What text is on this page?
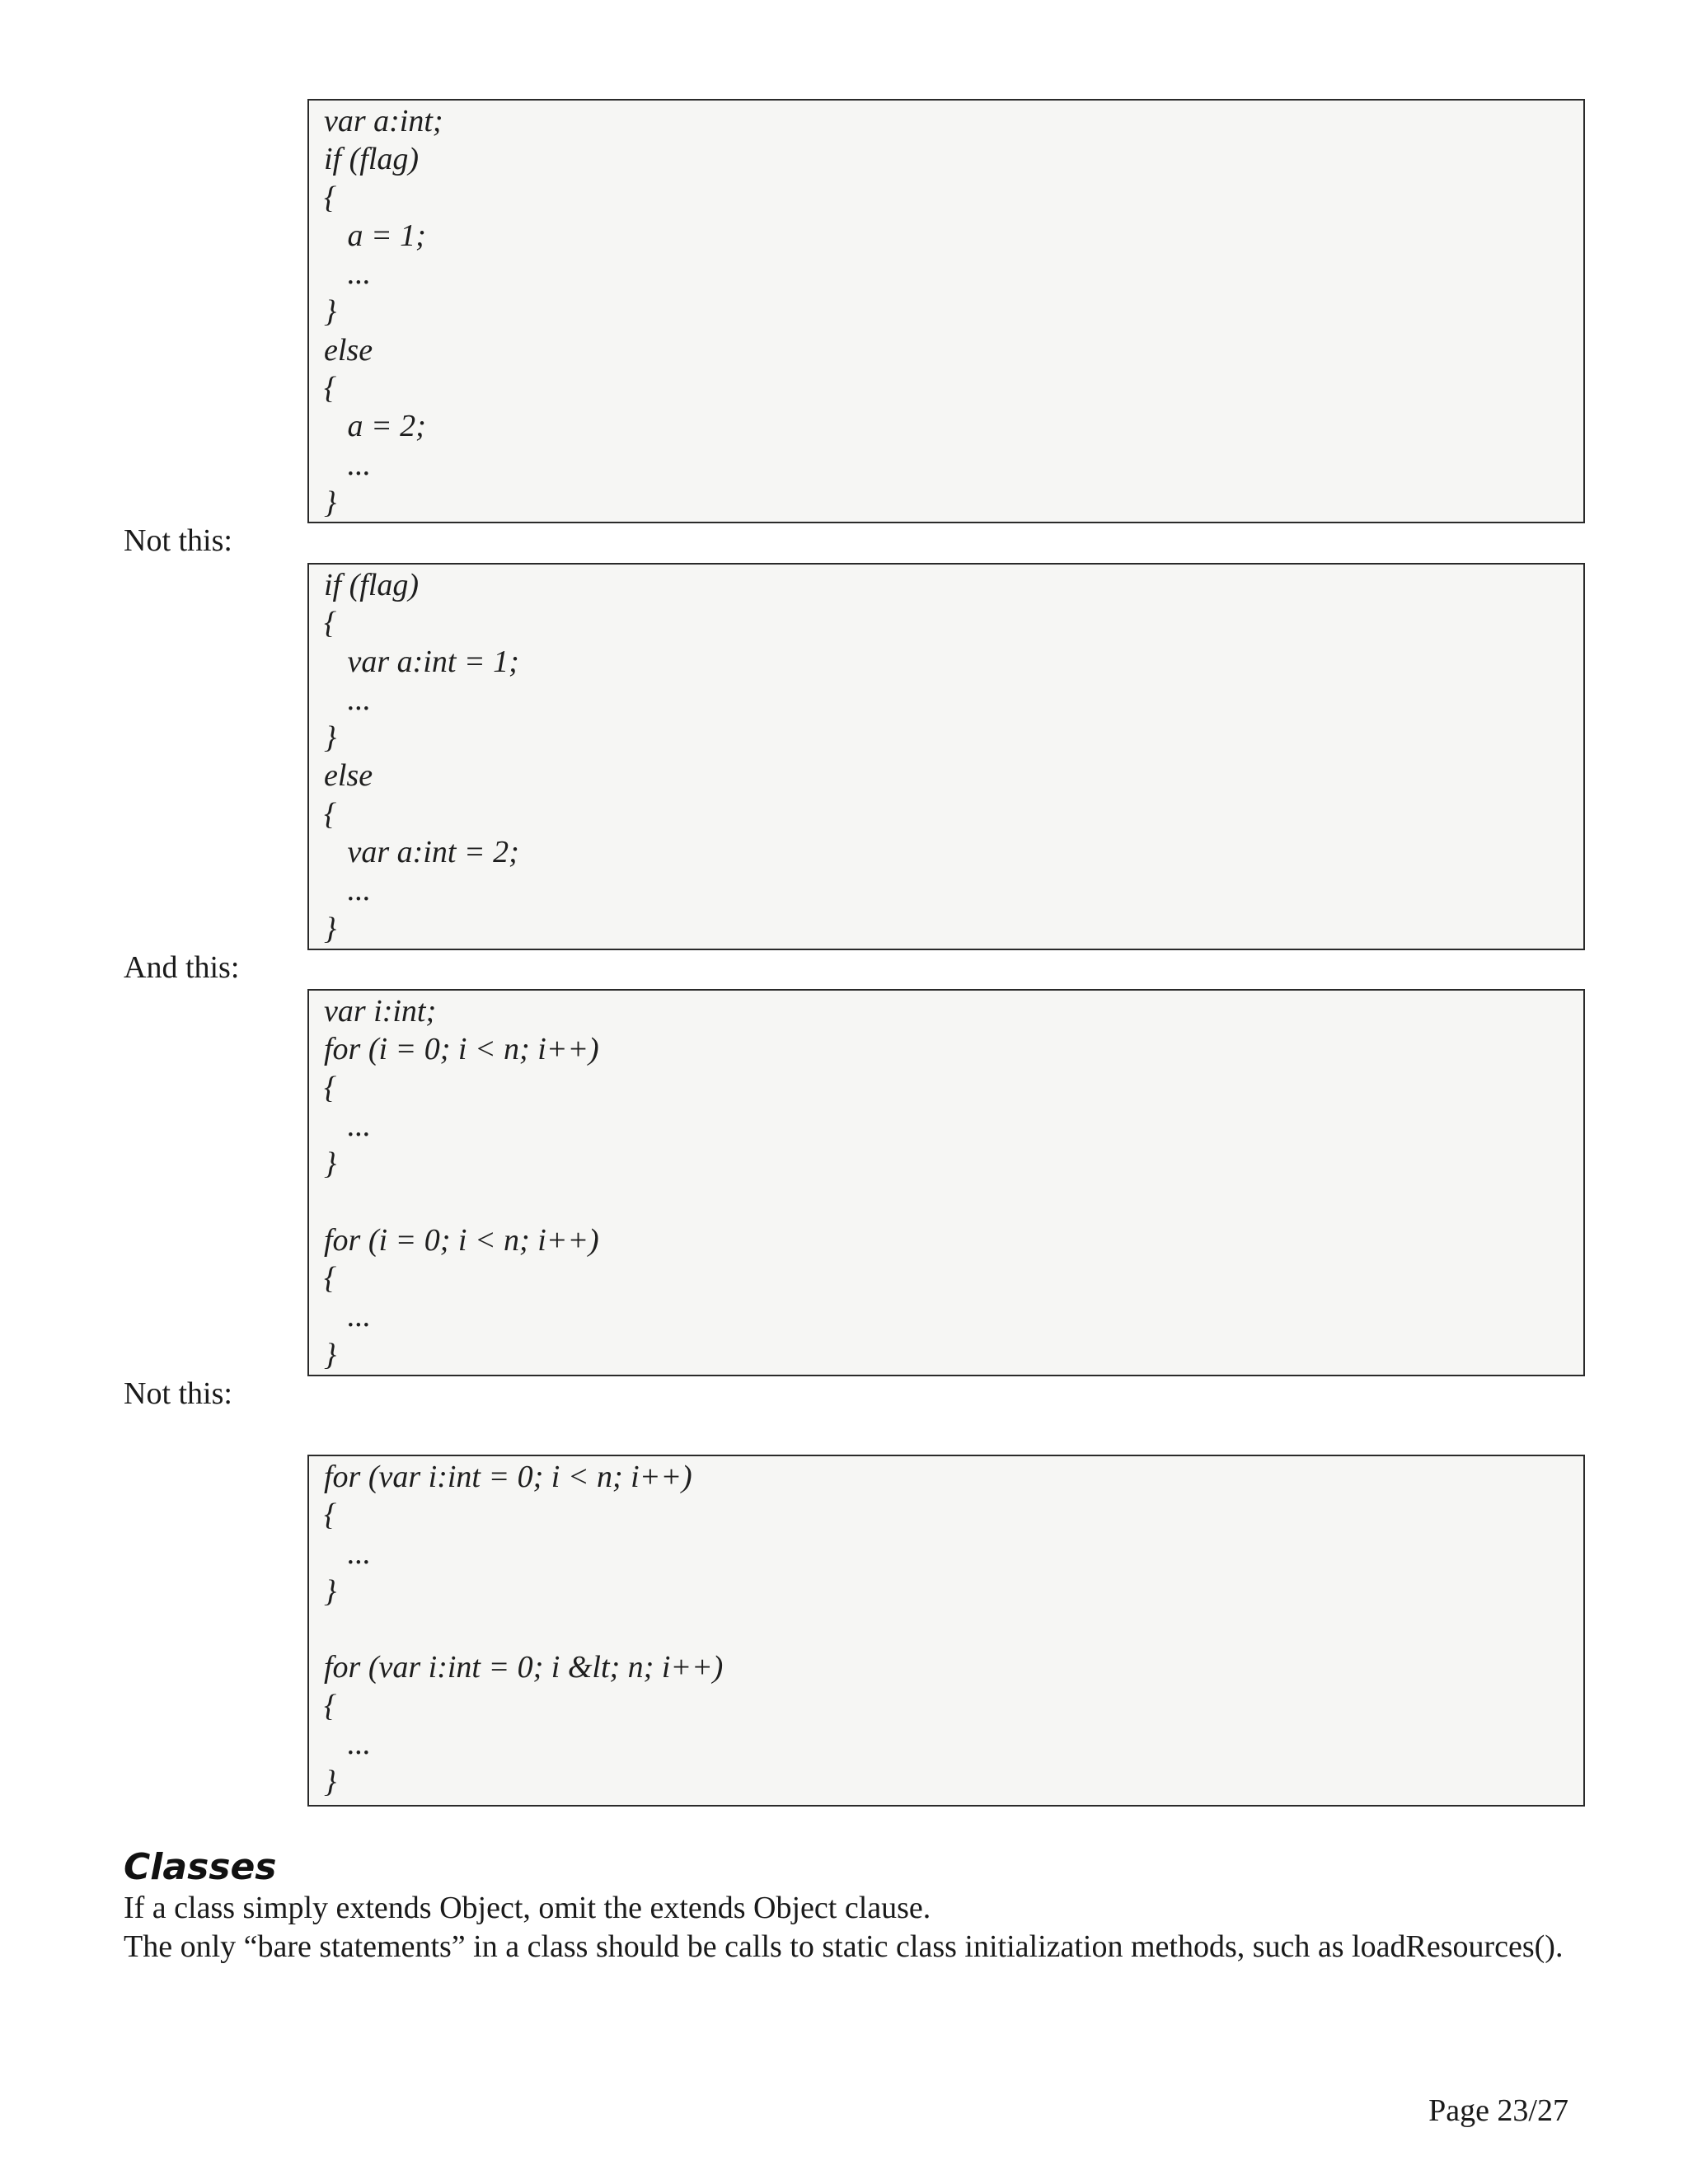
var a:int;
if (flag)
{
a = 1;
...
}
else
{
a = 2;
...
}
Not this:
if (flag)
{
var a:int = 1;
...
}
else
{
var a:int = 2;
...
}
And this:
var i:int;
for (i = 0; i < n; i++)
{
...
}
for (i = 0; i < n; i++)
{
...
}
Not this:
for (var i:int = 0; i < n; i++)
{
...
}
for (var i:int = 0; i &lt; n; i++)
{
...
}
Classes

If a class simply extends Object, omit the extends Object clause.

The only “bare statements” in a class should be calls to static class initialization methods, such as loadResources().

Page 23/27
